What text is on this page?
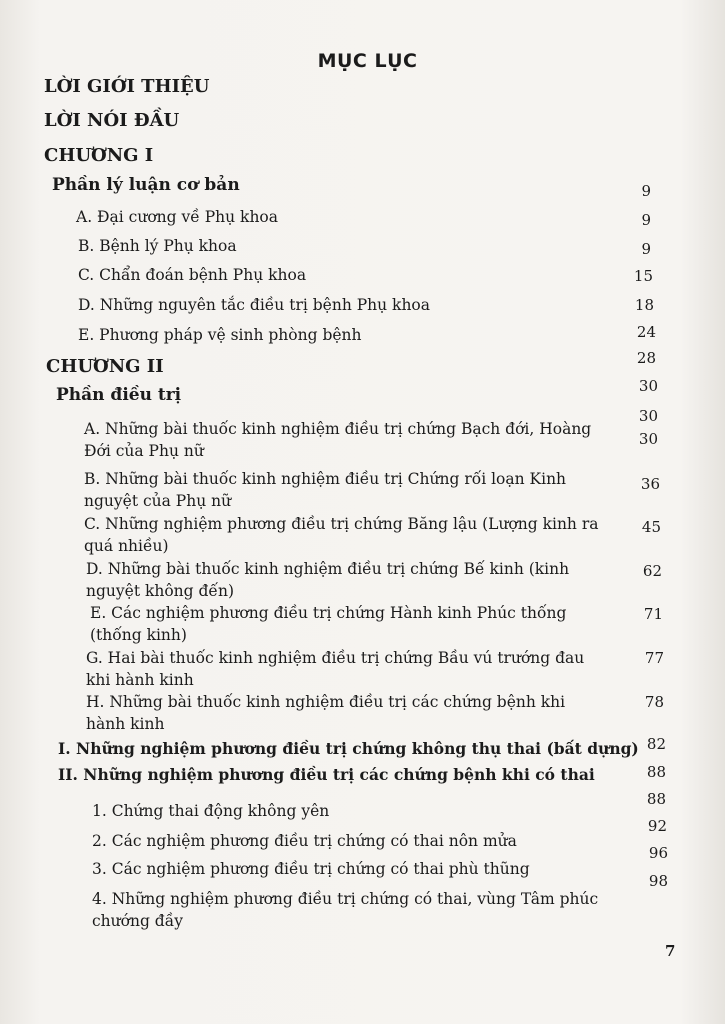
MỤC LỤC
LỜI GIỚI THIỆU
LỜI NÓI ĐẦU
CHƯƠNG I
Phần lý luận cơ bản
A. Đại cương về Phụ khoa
B. Bệnh lý Phụ khoa
C. Chẩn đoán bệnh Phụ khoa
D. Những nguyên tắc điều trị bệnh Phụ khoa
E. Phương pháp vệ sinh phòng bệnh
CHƯƠNG II
Phần điều trị
A. Những bài thuốc kinh nghiệm điều trị chứng Bạch đới, Hoàng Đới của Phụ nữ
B. Những bài thuốc kinh nghiệm điều trị Chứng rối loạn Kinh nguyệt của Phụ nữ
C. Những nghiệm phương điều trị chứng Băng lậu (Lượng kinh ra quá nhiều)
D. Những bài thuốc kinh nghiệm điều trị chứng Bế kinh (kinh nguyệt không đến)
E. Các nghiệm phương điều trị chứng Hành kinh Phúc thống (thống kinh)
G. Hai bài thuốc kinh nghiệm điều trị chứng Bầu vú trướng đau khi hành kinh
H. Những bài thuốc kinh nghiệm điều trị các chứng bệnh khi hành kinh
I. Những nghiệm phương điều trị chứng không thụ thai (bất dựng)
II. Những nghiệm phương điều trị các chứng bệnh khi có thai
1. Chứng thai động không yên
2. Các nghiệm phương điều trị chứng có thai nôn mửa
3. Các nghiệm phương điều trị chứng có thai phù thũng
4. Những nghiệm phương điều trị chứng có thai, vùng Tâm phúc chướng đầy
9
9
9
15
18
24
28
30
30
30
36
45
62
71
77
78
82
88
88
92
96
98
7
